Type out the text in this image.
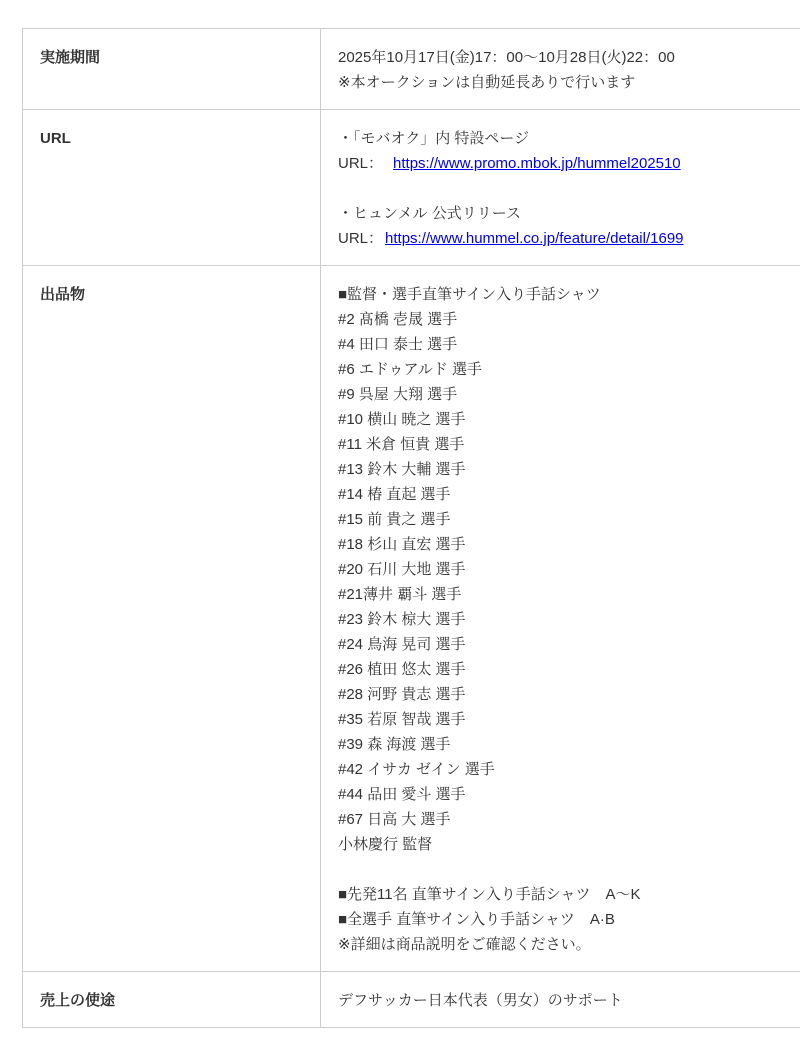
実施期間	2025年10月17日(金)17：00～10月28日(火)22：00
※本オークションは自動延長ありで行います

URL	・「モバオク」内 特設ページ
URL： https://www.promo.mbok.jp/hummel202510
・ヒュンメル 公式リリース
URL： https://www.hummel.co.jp/feature/detail/1699

出品物	■監督・選手直筆サイン入り手話シャツ
#2 髙橋 壱晟 選手
#4 田口 泰士 選手
#6 エドゥアルド 選手
#9 呉屋 大翔 選手
#10 横山 暁之 選手
#11 米倉 恒貴 選手
#13 鈴木 大輔 選手
#14 椿 直起 選手
#15 前 貴之 選手
#18 杉山 直宏 選手
#20 石川 大地 選手
#21薄井 覇斗 選手
#23 鈴木 椋大 選手
#24 鳥海 晃司 選手
#26 植田 悠太 選手
#28 河野 貴志 選手
#35 若原 智哉 選手
#39 森 海渡 選手
#42 イサカ ゼイン 選手
#44 品田 愛斗 選手
#67 日高 大 選手
小林慶行 監督
■先発11名 直筆サイン入り手話シャツ　A～K
■全選手 直筆サイン入り手話シャツ　A·B
※詳細は商品説明をご確認ください。

売上の使途	デフサッカー日本代表（男女）のサポート
